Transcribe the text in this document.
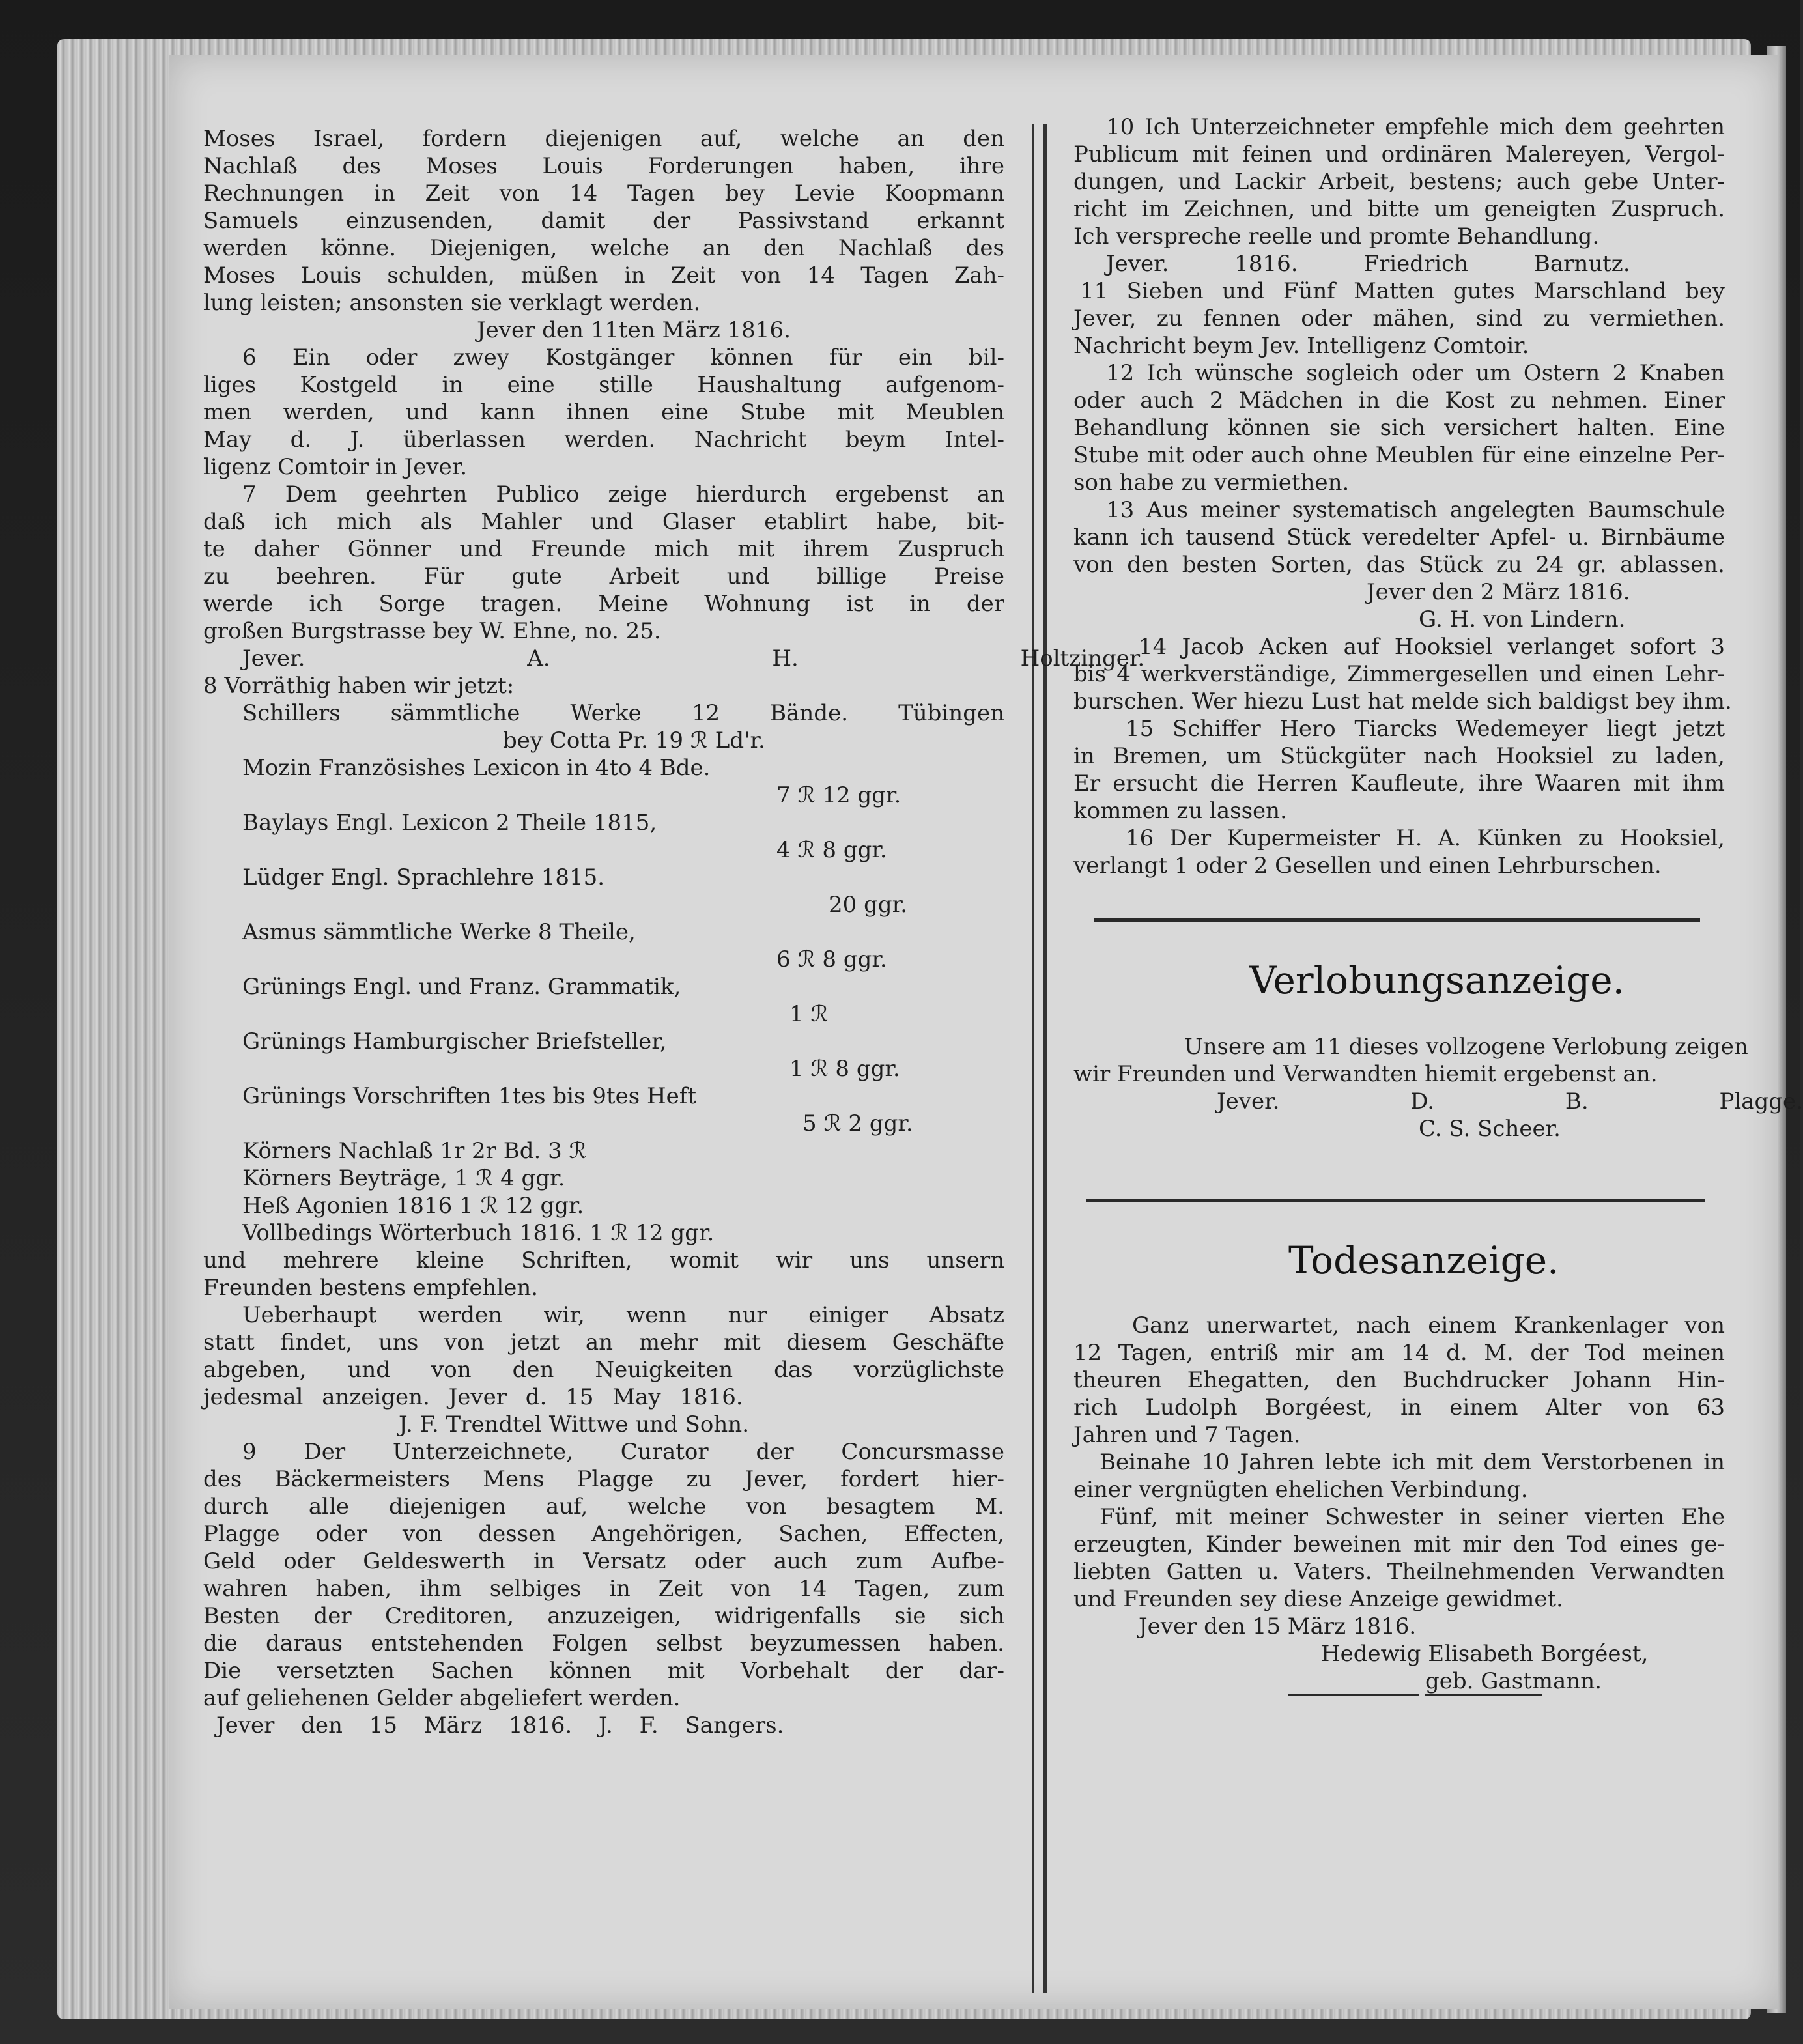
Moses Israel, fordern diejenigen auf, welche an den
Nachlaß des Moses Louis Forderungen haben, ihre
Rechnungen in Zeit von 14 Tagen bey Levie Koopmann
Samuels einzusenden, damit der Passivstand erkannt
werden könne. Diejenigen, welche an den Nachlaß des
Moses Louis schulden, müßen in Zeit von 14 Tagen Zah-
lung leisten; ansonsten sie verklagt werden.
Jever den 11ten März 1816.
6 Ein oder zwey Kostgänger können für ein bil-
liges Kostgeld in eine stille Haushaltung aufgenom-
men werden, und kann ihnen eine Stube mit Meublen
May d. J. überlassen werden. Nachricht beym Intel-
ligenz Comtoir in Jever.
7 Dem geehrten Publico zeige hierdurch ergebenst an
daß ich mich als Mahler und Glaser etablirt habe, bit-
te daher Gönner und Freunde mich mit ihrem Zuspruch
zu beehren. Für gute Arbeit und billige Preise
werde ich Sorge tragen. Meine Wohnung ist in der
großen Burgstrasse bey W. Ehne, no. 25.
Jever. A. H. Holtzinger.
8 Vorräthig haben wir jetzt:
Schillers sämmtliche Werke 12 Bände. Tübingen
bey Cotta Pr. 19 ℛ Ld'r.
Mozin Französishes Lexicon in 4to 4 Bde.
7 ℛ 12 ggr.
Baylays Engl. Lexicon 2 Theile 1815,
4 ℛ 8 ggr.
Lüdger Engl. Sprachlehre 1815.
20 ggr.
Asmus sämmtliche Werke 8 Theile,
6 ℛ 8 ggr.
Grünings Engl. und Franz. Grammatik,
1 ℛ
Grünings Hamburgischer Briefsteller,
1 ℛ 8 ggr.
Grünings Vorschriften 1tes bis 9tes Heft
5 ℛ 2 ggr.
Körners Nachlaß 1r 2r Bd. 3 ℛ
Körners Beyträge, 1 ℛ 4 ggr.
Heß Agonien 1816 1 ℛ 12 ggr.
Vollbedings Wörterbuch 1816. 1 ℛ 12 ggr.
und mehrere kleine Schriften, womit wir uns unsern
Freunden bestens empfehlen.
Ueberhaupt werden wir, wenn nur einiger Absatz
statt findet, uns von jetzt an mehr mit diesem Geschäfte
abgeben, und von den Neuigkeiten das vorzüglichste
jedesmal anzeigen. Jever d. 15 May 1816.
J. F. Trendtel Wittwe und Sohn.
9 Der Unterzeichnete, Curator der Concursmasse
des Bäckermeisters Mens Plagge zu Jever, fordert hier-
durch alle diejenigen auf, welche von besagtem M.
Plagge oder von dessen Angehörigen, Sachen, Effecten,
Geld oder Geldeswerth in Versatz oder auch zum Aufbe-
wahren haben, ihm selbiges in Zeit von 14 Tagen, zum
Besten der Creditoren, anzuzeigen, widrigenfalls sie sich
die daraus entstehenden Folgen selbst beyzumessen haben.
Die versetzten Sachen können mit Vorbehalt der dar-
auf geliehenen Gelder abgeliefert werden.
Jever den 15 März 1816. J. F. Sangers.
10 Ich Unterzeichneter empfehle mich dem geehrten
Publicum mit feinen und ordinären Malereyen, Vergol-
dungen, und Lackir Arbeit, bestens; auch gebe Unter-
richt im Zeichnen, und bitte um geneigten Zuspruch.
Ich verspreche reelle und promte Behandlung.
Jever. 1816. Friedrich Barnutz.
11 Sieben und Fünf Matten gutes Marschland bey
Jever, zu fennen oder mähen, sind zu vermiethen.
Nachricht beym Jev. Intelligenz Comtoir.
12 Ich wünsche sogleich oder um Ostern 2 Knaben
oder auch 2 Mädchen in die Kost zu nehmen. Einer
Behandlung können sie sich versichert halten. Eine
Stube mit oder auch ohne Meublen für eine einzelne Per-
son habe zu vermiethen.
13 Aus meiner systematisch angelegten Baumschule
kann ich tausend Stück veredelter Apfel- u. Birnbäume
von den besten Sorten, das Stück zu 24 gr. ablassen.
Jever den 2 März 1816.
G. H. von Lindern.
14 Jacob Acken auf Hooksiel verlanget sofort 3
bis 4 werkverständige, Zimmergesellen und einen Lehr-
burschen. Wer hiezu Lust hat melde sich baldigst bey ihm.
15 Schiffer Hero Tiarcks Wedemeyer liegt jetzt
in Bremen, um Stückgüter nach Hooksiel zu laden,
Er ersucht die Herren Kaufleute, ihre Waaren mit ihm
kommen zu lassen.
16 Der Kupermeister H. A. Künken zu Hooksiel,
verlangt 1 oder 2 Gesellen und einen Lehrburschen.
Verlobungsanzeige.
Unsere am 11 dieses vollzogene Verlobung zeigen
wir Freunden und Verwandten hiemit ergebenst an.
Jever. D. B. Plagge.
C. S. Scheer.
Todesanzeige.
Ganz unerwartet, nach einem Krankenlager von
12 Tagen, entriß mir am 14 d. M. der Tod meinen
theuren Ehegatten, den Buchdrucker Johann Hin-
rich Ludolph Borgéest, in einem Alter von 63
Jahren und 7 Tagen.
Beinahe 10 Jahren lebte ich mit dem Verstorbenen in
einer vergnügten ehelichen Verbindung.
Fünf, mit meiner Schwester in seiner vierten Ehe
erzeugten, Kinder beweinen mit mir den Tod eines ge-
liebten Gatten u. Vaters. Theilnehmenden Verwandten
und Freunden sey diese Anzeige gewidmet.
Jever den 15 März 1816.
Hedewig Elisabeth Borgéest,
geb. Gastmann.
